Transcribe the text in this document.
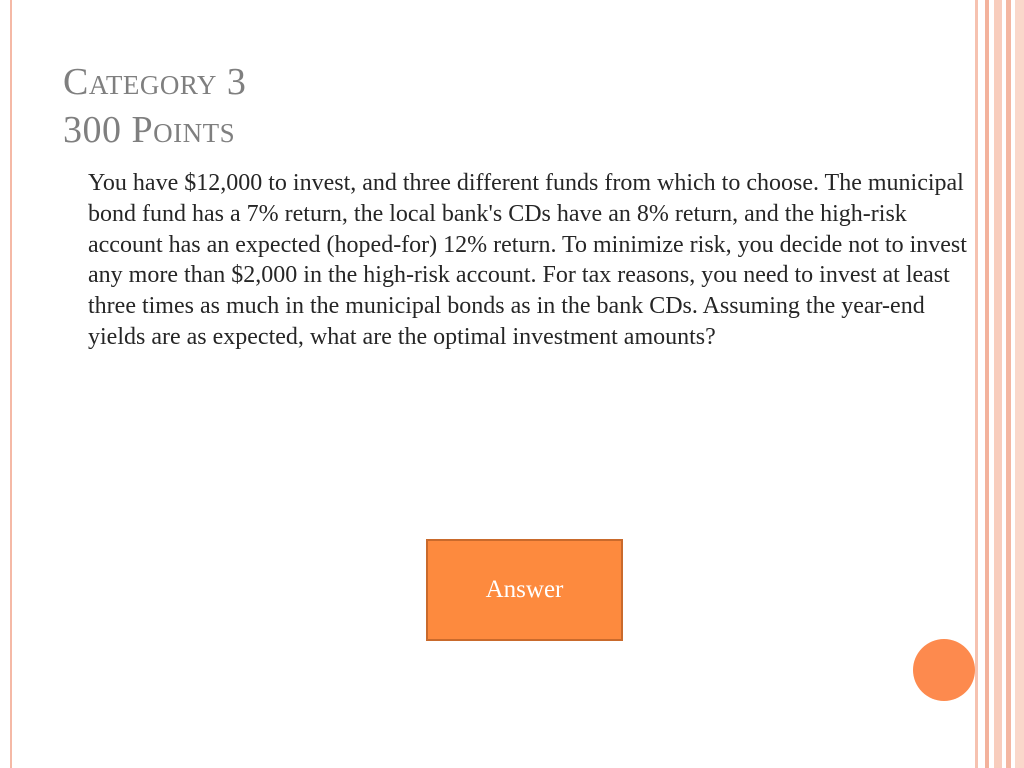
Category 3
300 Points

You have $12,000 to invest, and three different funds from which to choose. The municipal bond fund has a 7% return, the local bank's CDs have an 8% return, and the high-risk account has an expected (hoped-for) 12% return. To minimize risk, you decide not to invest any more than $2,000 in the high-risk account. For tax reasons, you need to invest at least three times as much in the municipal bonds as in the bank CDs. Assuming the year-end yields are as expected, what are the optimal investment amounts?

Answer
